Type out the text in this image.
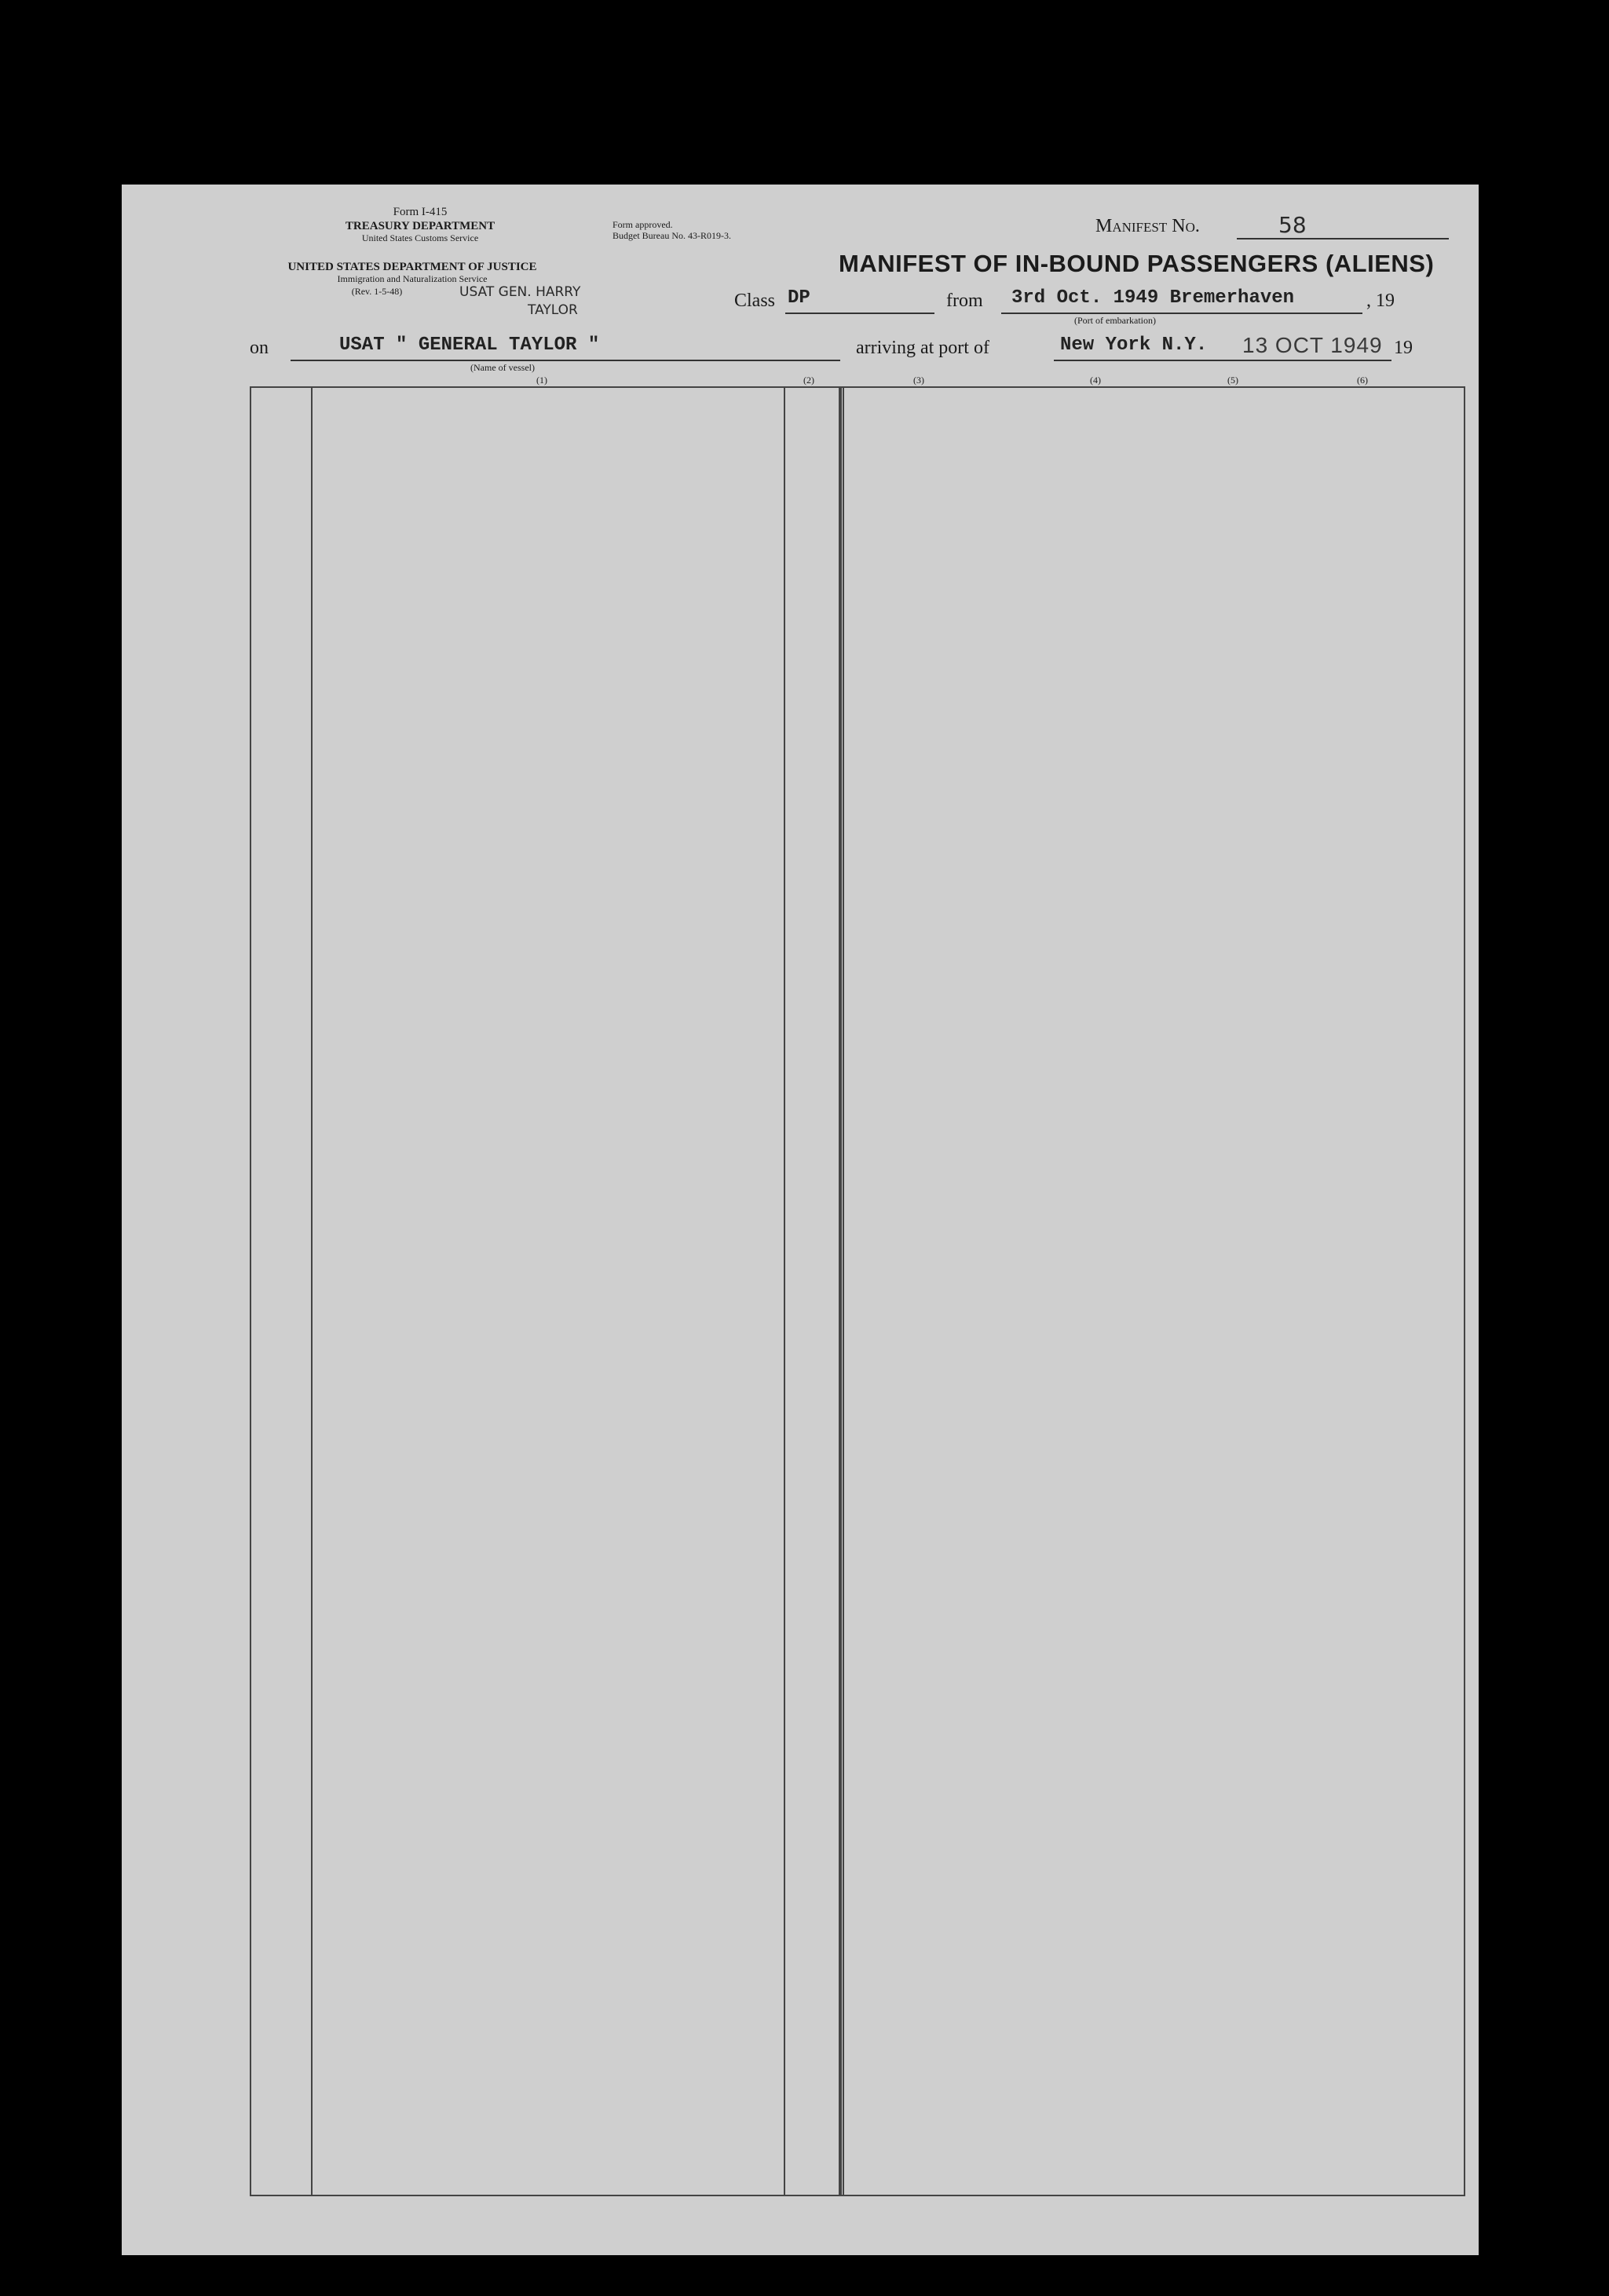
Form I-415
TREASURY DEPARTMENT
United States Customs Service
UNITED STATES DEPARTMENT OF JUSTICE
Immigration and Naturalization Service
(Rev. 1-5-48)	USAT GEN. HARRY
TAYLOR
Form approved.
Budget Bureau No. 43-R019-3.	Manifest No.	58
MANIFEST OF IN-BOUND PASSENGERS (ALIENS)
Class DP	from 3rd Oct. 1949 Bremerhaven	, 19
(Port of embarkation)
on	USAT " GENERAL TAYLOR "
(Name of vessel)
arriving at port of	New York N.Y. 13 OCT 1949 19
(1)	(2)	(3)	(4)	(5)	(6)
